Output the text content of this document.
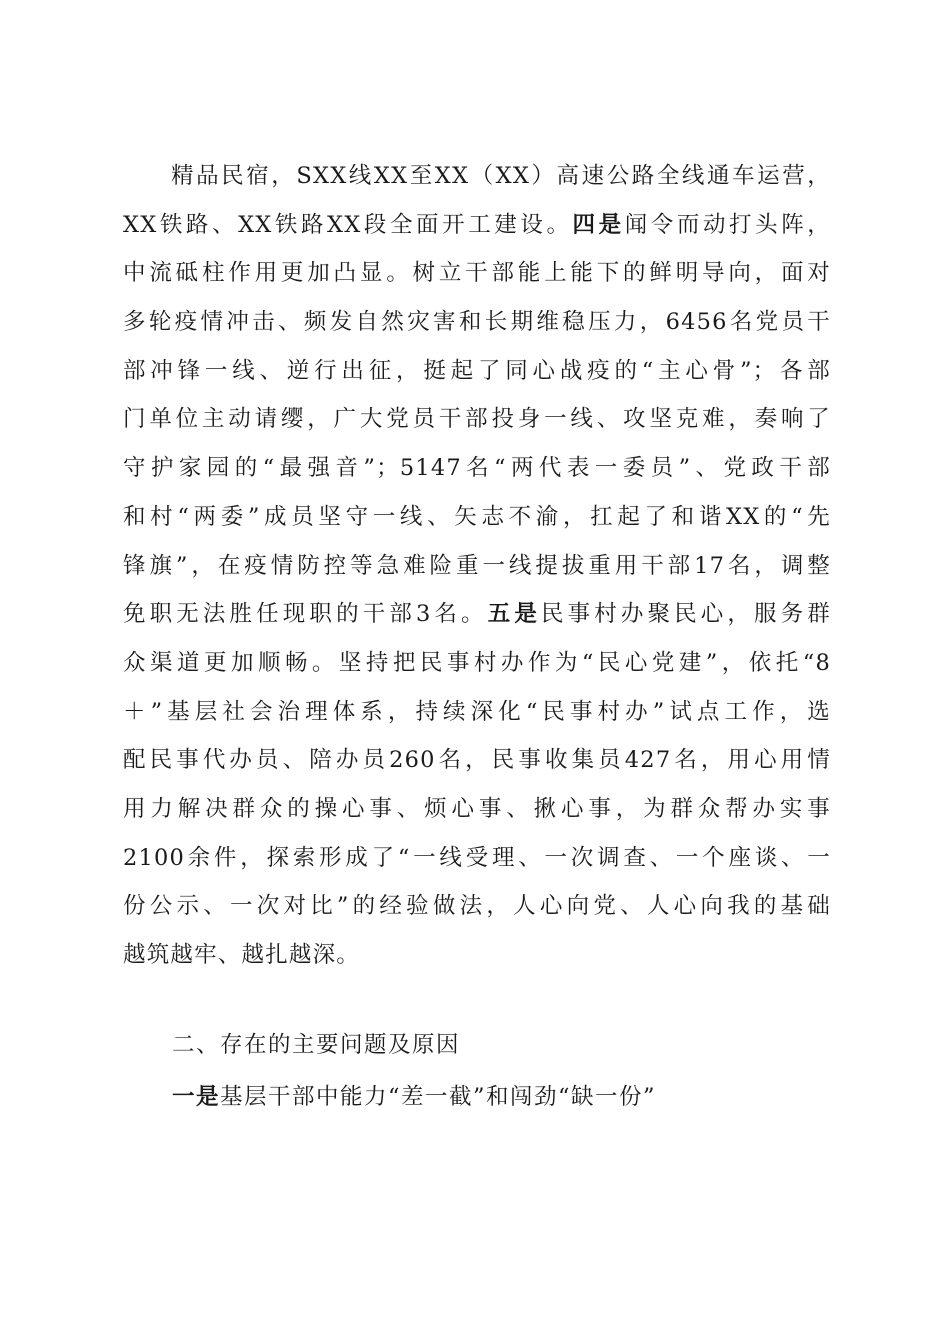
精品民宿，SXX线XX至XX（XX）高速公路全线通车运营，
XX铁路、XX铁路XX段全面开工建设。四是闻令而动打头阵，
中流砥柱作用更加凸显。树立干部能上能下的鲜明导向，面对
多轮疫情冲击、频发自然灾害和长期维稳压力，6456名党员干
部冲锋一线、逆行出征，挺起了同心战疫的“主心骨”；各部
门单位主动请缨，广大党员干部投身一线、攻坚克难，奏响了
守护家园的“最强音”；5147名“两代表一委员”、党政干部
和村“两委”成员坚守一线、矢志不渝，扛起了和谐XX的“先
锋旗”，在疫情防控等急难险重一线提拔重用干部17名，调整
免职无法胜任现职的干部3名。五是民事村办聚民心，服务群
众渠道更加顺畅。坚持把民事村办作为“民心党建”，依托“8
＋”基层社会治理体系，持续深化“民事村办”试点工作，选
配民事代办员、陪办员260名，民事收集员427名，用心用情
用力解决群众的操心事、烦心事、揪心事，为群众帮办实事
2100余件，探索形成了“一线受理、一次调查、一个座谈、一
份公示、一次对比”的经验做法，人心向党、人心向我的基础
越筑越牢、越扎越深。
二、存在的主要问题及原因
一是基层干部中能力“差一截”和闯劲“缺一份”
